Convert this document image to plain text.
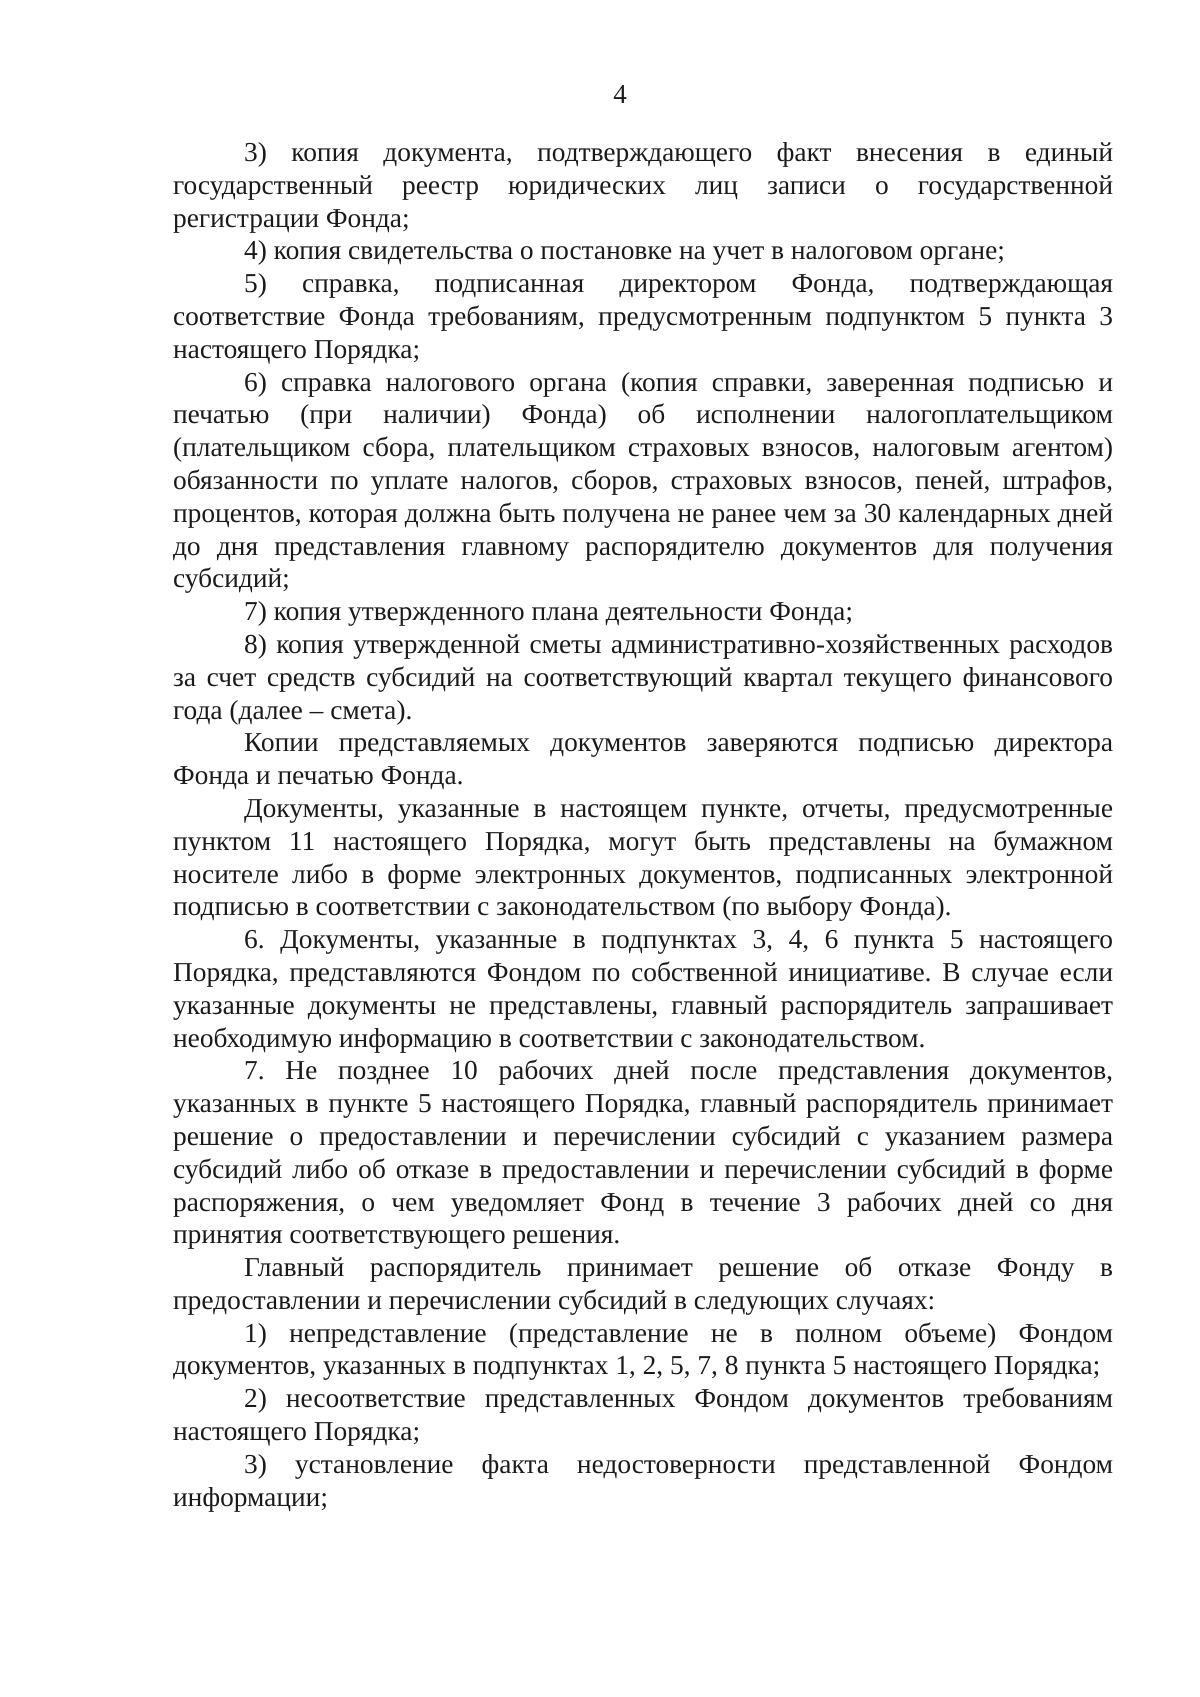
4

3) копия документа, подтверждающего факт внесения в единый государственный реестр юридических лиц записи о государственной регистрации Фонда;

4) копия свидетельства о постановке на учет в налоговом органе;

5) справка, подписанная директором Фонда, подтверждающая соответствие Фонда требованиям, предусмотренным подпунктом 5 пункта 3 настоящего Порядка;

6) справка налогового органа (копия справки, заверенная подписью и печатью (при наличии) Фонда) об исполнении налогоплательщиком (плательщиком сбора, плательщиком страховых взносов, налоговым агентом) обязанности по уплате налогов, сборов, страховых взносов, пеней, штрафов, процентов, которая должна быть получена не ранее чем за 30 календарных дней до дня представления главному распорядителю документов для получения субсидий;

7) копия утвержденного плана деятельности Фонда;

8) копия утвержденной сметы административно-хозяйственных расходов за счет средств субсидий на соответствующий квартал текущего финансового года (далее – смета).

Копии представляемых документов заверяются подписью директора Фонда и печатью Фонда.

Документы, указанные в настоящем пункте, отчеты, предусмотренные пунктом 11 настоящего Порядка, могут быть представлены на бумажном носителе либо в форме электронных документов, подписанных электронной подписью в соответствии с законодательством (по выбору Фонда).

6. Документы, указанные в подпунктах 3, 4, 6 пункта 5 настоящего Порядка, представляются Фондом по собственной инициативе. В случае если указанные документы не представлены, главный распорядитель запрашивает необходимую информацию в соответствии с законодательством.

7. Не позднее 10 рабочих дней после представления документов, указанных в пункте 5 настоящего Порядка, главный распорядитель принимает решение о предоставлении и перечислении субсидий с указанием размера субсидий либо об отказе в предоставлении и перечислении субсидий в форме распоряжения, о чем уведомляет Фонд в течение 3 рабочих дней со дня принятия соответствующего решения.

Главный распорядитель принимает решение об отказе Фонду в предоставлении и перечислении субсидий в следующих случаях:

1) непредставление (представление не в полном объеме) Фондом документов, указанных в подпунктах 1, 2, 5, 7, 8 пункта 5 настоящего Порядка;

2) несоответствие представленных Фондом документов требованиям настоящего Порядка;

3) установление факта недостоверности представленной Фондом информации;
